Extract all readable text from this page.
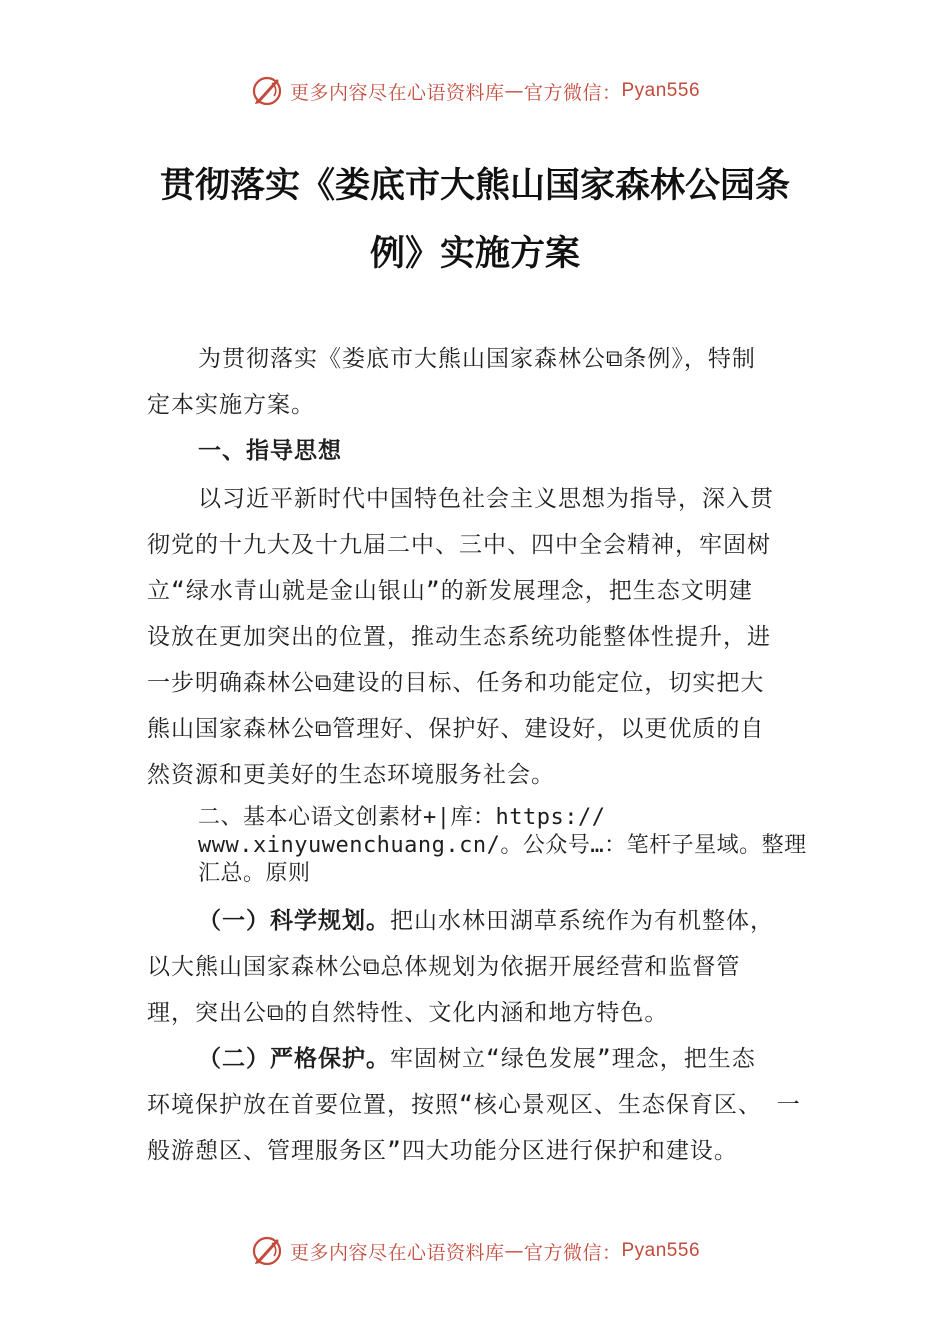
更多内容尽在心语资料库 — 官方微信： Pyan556
贯彻落实《娄底市大熊山国家森林公园条
例》实施方案
为贯彻落实《娄底市大熊山国家森林公⧉条例》，特制
定本实施方案。
一、指导思想
以习近平新时代中国特色社会主义思想为指导，深入贯
彻党的十九大及十九届二中、三中、四中全会精神，牢固树
立“绿水青山就是金山银山”的新发展理念，把生态文明建
设放在更加突出的位置，推动生态系统功能整体性提升，进
一步明确森林公⧉建设的目标、任务和功能定位，切实把大
熊山国家森林公⧉管理好、保护好、建设好，以更优质的自
然资源和更美好的生态环境服务社会。
二、基本心语文创素材+|库：https://
www.xinyuwenchuang.cn/。公众号…：笔杆子星域。整理
汇总。原则
（一）科学规划。把山水林田湖草系统作为有机整体，
以大熊山国家森林公⧉总体规划为依据开展经营和监督管
理，突出公⧉的自然特性、文化内涵和地方特色。
（二）严格保护。牢固树立“绿色发展”理念，把生态
环境保护放在首要位置，按照“核心景观区、生态保育区、 一
般游憩区、管理服务区”四大功能分区进行保护和建设。
更多内容尽在心语资料库 — 官方微信： Pyan556
